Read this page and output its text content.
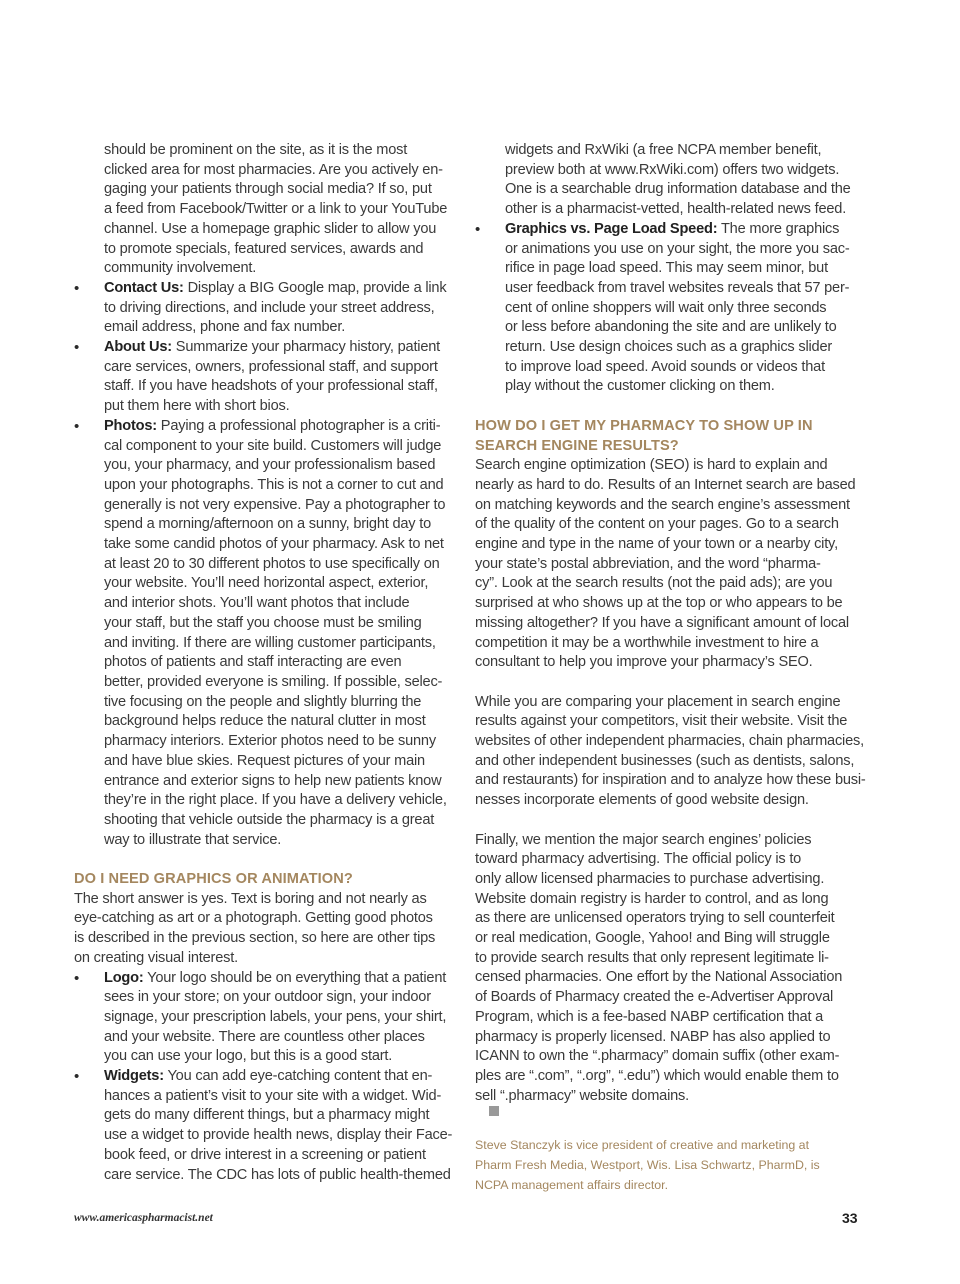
should be prominent on the site, as it is the most
clicked area for most pharmacies. Are you actively en-
gaging your patients through social media? If so, put
a feed from Facebook/Twitter or a link to your YouTube
channel. Use a homepage graphic slider to allow you
to promote specials, featured services, awards and
community involvement.
• Contact Us: Display a BIG Google map, provide a link
to driving directions, and include your street address,
email address, phone and fax number.
• About Us: Summarize your pharmacy history, patient
care services, owners, professional staff, and support
staff. If you have headshots of your professional staff,
put them here with short bios.
• Photos: Paying a professional photographer is a criti-
cal component to your site build. Customers will judge
you, your pharmacy, and your professionalism based
upon your photographs. This is not a corner to cut and
generally is not very expensive. Pay a photographer to
spend a morning/afternoon on a sunny, bright day to
take some candid photos of your pharmacy. Ask to net
at least 20 to 30 different photos to use specifically on
your website. You’ll need horizontal aspect, exterior,
and interior shots. You’ll want photos that include
your staff, but the staff you choose must be smiling
and inviting. If there are willing customer participants,
photos of patients and staff interacting are even
better, provided everyone is smiling. If possible, selec-
tive focusing on the people and slightly blurring the
background helps reduce the natural clutter in most
pharmacy interiors. Exterior photos need to be sunny
and have blue skies. Request pictures of your main
entrance and exterior signs to help new patients know
they’re in the right place. If you have a delivery vehicle,
shooting that vehicle outside the pharmacy is a great
way to illustrate that service.
DO I NEED GRAPHICS OR ANIMATION?
The short answer is yes. Text is boring and not nearly as
eye-catching as art or a photograph. Getting good photos
is described in the previous section, so here are other tips
on creating visual interest.
• Logo: Your logo should be on everything that a patient
sees in your store; on your outdoor sign, your indoor
signage, your prescription labels, your pens, your shirt,
and your website. There are countless other places
you can use your logo, but this is a good start.
• Widgets: You can add eye-catching content that en-
hances a patient’s visit to your site with a widget. Wid-
gets do many different things, but a pharmacy might
use a widget to provide health news, display their Face-
book feed, or drive interest in a screening or patient
care service. The CDC has lots of public health-themed
widgets and RxWiki (a free NCPA member benefit,
preview both at www.RxWiki.com) offers two widgets.
One is a searchable drug information database and the
other is a pharmacist-vetted, health-related news feed.
• Graphics vs. Page Load Speed: The more graphics
or animations you use on your sight, the more you sac-
rifice in page load speed. This may seem minor, but
user feedback from travel websites reveals that 57 per-
cent of online shoppers will wait only three seconds
or less before abandoning the site and are unlikely to
return. Use design choices such as a graphics slider
to improve load speed. Avoid sounds or videos that
play without the customer clicking on them.
HOW DO I GET MY PHARMACY TO SHOW UP IN
SEARCH ENGINE RESULTS?
Search engine optimization (SEO) is hard to explain and
nearly as hard to do. Results of an Internet search are based
on matching keywords and the search engine’s assessment
of the quality of the content on your pages. Go to a search
engine and type in the name of your town or a nearby city,
your state’s postal abbreviation, and the word “pharma-
cy”. Look at the search results (not the paid ads); are you
surprised at who shows up at the top or who appears to be
missing altogether? If you have a significant amount of local
competition it may be a worthwhile investment to hire a
consultant to help you improve your pharmacy’s SEO.
While you are comparing your placement in search engine
results against your competitors, visit their website. Visit the
websites of other independent pharmacies, chain pharmacies,
and other independent businesses (such as dentists, salons,
and restaurants) for inspiration and to analyze how these busi-
nesses incorporate elements of good website design.
Finally, we mention the major search engines’ policies
toward pharmacy advertising. The official policy is to
only allow licensed pharmacies to purchase advertising.
Website domain registry is harder to control, and as long
as there are unlicensed operators trying to sell counterfeit
or real medication, Google, Yahoo! and Bing will struggle
to provide search results that only represent legitimate li-
censed pharmacies. One effort by the National Association
of Boards of Pharmacy created the e-Advertiser Approval
Program, which is a fee-based NABP certification that a
pharmacy is properly licensed. NABP has also applied to
ICANN to own the “.pharmacy” domain suffix (other exam-
ples are “.com”, “.org”, “.edu”) which would enable them to
sell “.pharmacy” website domains.
Steve Stanczyk is vice president of creative and marketing at
Pharm Fresh Media, Westport, Wis. Lisa Schwartz, PharmD, is
NCPA management affairs director.
www.americaspharmacist.net	33
